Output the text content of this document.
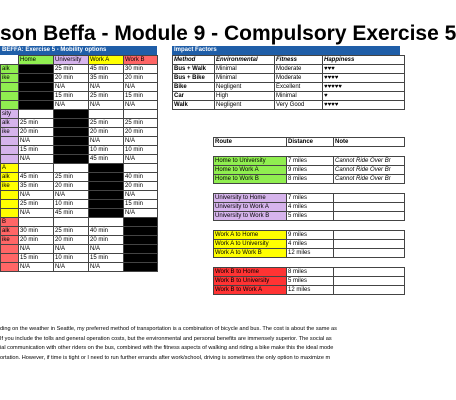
son Beffa - Module 9 - Compulsory Exercise 5
BEFFA: Exercise 5 - Mobility options
	Home	University	Work A	Work B
alk		25 min	45 min	30 min
ike		20 min	35 min	20 min
		N/A	N/A	N/A
		15 min	25 min	15 min
		N/A	N/A	N/A
sity				
alk	25 min		25 min	25 min
ike	20 min		20 min	20 min
	N/A		N/A	N/A
	15 min		10 min	10 min
	N/A		45 min	N/A
A				
alk	45 min	25 min		40 min
ike	35 min	20 min		20 min
	N/A	N/A		N/A
	25 min	10 min		15 min
	N/A	45 min		N/A
B				
alk	30 min	25 min	40 min	
ike	20 min	20 min	20 min	
	N/A	N/A	N/A	
	15 min	10 min	15 min	
	N/A	N/A	N/A	
Impact Factors
Method	Environmental	Fitness	Happiness
Bus + Walk	Minimal	Moderate	♥♥♥
Bus + Bike	Minimal	Moderate	♥♥♥♥
Bike	Negligent	Excellent	♥♥♥♥♥
Car	High	Minimal	♥
Walk	Negligent	Very Good	♥♥♥♥
Route	Distance	Note

Home to University	7 miles	Cannot Ride Over Br
Home to Work A	9 miles	Cannot Ride Over Br
Home to Work B	8 miles	Cannot Ride Over Br

University to Home	7 miles	
University to Work A	4 miles	
University to Work B	5 miles	

Work A to Home	9 miles	
Work A to University	4 miles	
Work A to Work B	12 miles	

Work B to Home	8 miles	
Work B to University	5 miles	
Work B to Work A	12 miles	
ding on the weather in Seattle, my preferred method of transportation is a combination of bicycle and bus. The cost is about the same as
If you include the tolls and general operation costs, but the environmental and personal benefits are immensely superior. The social as
ial communication with other riders on the bus, combined with the fitness aspects of walking and riding a bike make this the ideal mode
ortation. However, if time is tight or I need to run further errands after work/school, driving is sometimes the only option to maximize m
